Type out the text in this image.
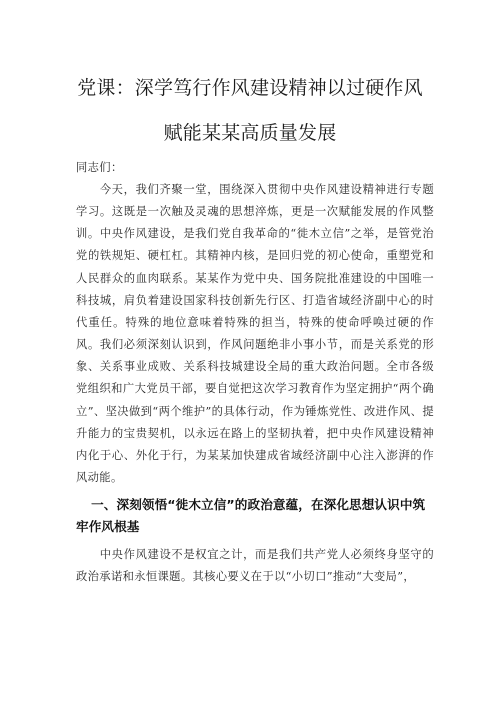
党课：深学笃行作风建设精神以过硬作风
赋能某某高质量发展

同志们：

今天，我们齐聚一堂，围绕深入贯彻中央作风建设精神进行专题学习。这既是一次触及灵魂的思想淬炼，更是一次赋能发展的作风整训。中央作风建设，是我们党自我革命的“徙木立信”之举，是管党治党的铁规矩、硬杠杠。其精神内核，是回归党的初心使命，重塑党和人民群众的血肉联系。某某作为党中央、国务院批准建设的中国唯一科技城，肩负着建设国家科技创新先行区、打造省域经济副中心的时代重任。特殊的地位意味着特殊的担当，特殊的使命呼唤过硬的作风。我们必须深刻认识到，作风问题绝非小事小节，而是关系党的形象、关系事业成败、关系科技城建设全局的重大政治问题。全市各级党组织和广大党员干部，要自觉把这次学习教育作为坚定拥护“两个确立”、坚决做到“两个维护”的具体行动，作为锤炼党性、改进作风、提升能力的宝贵契机，以永远在路上的坚韧执着，把中央作风建设精神内化于心、外化于行，为某某加快建成省域经济副中心注入澎湃的作风动能。

一、深刻领悟“徙木立信”的政治意蕴，在深化思想认识中筑牢作风根基

中央作风建设不是权宜之计，而是我们共产党人必须终身坚守的政治承诺和永恒课题。其核心要义在于以“小切口”推动“大变局”，
